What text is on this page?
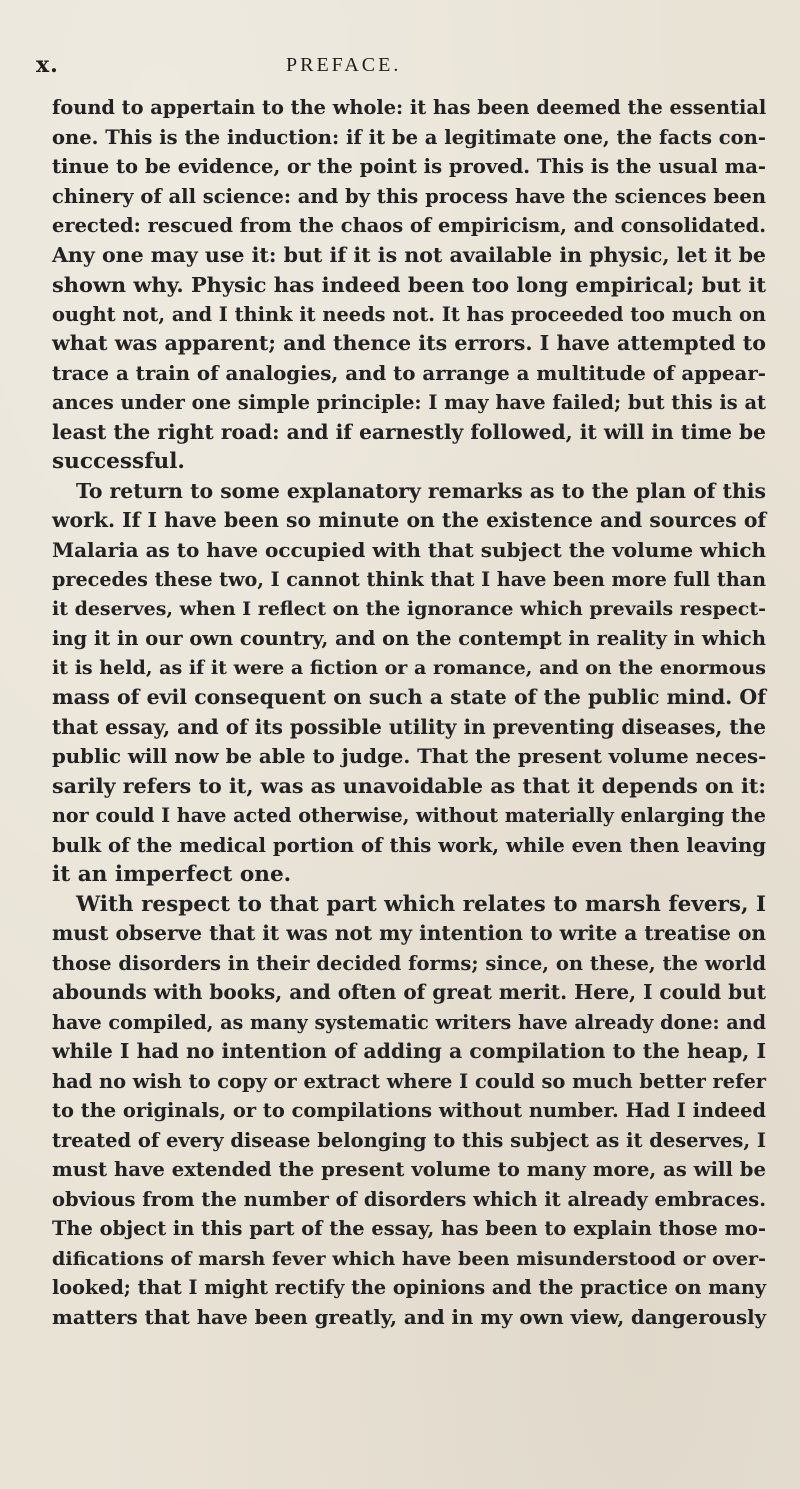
x.	PREFACE.
found to appertain to the whole: it has been deemed the essential
one. This is the induction: if it be a legitimate one, the facts con-
tinue to be evidence, or the point is proved. This is the usual ma-
chinery of all science: and by this process have the sciences been
erected: rescued from the chaos of empiricism, and consolidated.
Any one may use it: but if it is not available in physic, let it be
shown why. Physic has indeed been too long empirical; but it
ought not, and I think it needs not. It has proceeded too much on
what was apparent; and thence its errors. I have attempted to
trace a train of analogies, and to arrange a multitude of appear-
ances under one simple principle: I may have failed; but this is at
least the right road: and if earnestly followed, it will in time be
successful.
To return to some explanatory remarks as to the plan of this
work. If I have been so minute on the existence and sources of
Malaria as to have occupied with that subject the volume which
precedes these two, I cannot think that I have been more full than
it deserves, when I reflect on the ignorance which prevails respect-
ing it in our own country, and on the contempt in reality in which
it is held, as if it were a fiction or a romance, and on the enormous
mass of evil consequent on such a state of the public mind. Of
that essay, and of its possible utility in preventing diseases, the
public will now be able to judge. That the present volume neces-
sarily refers to it, was as unavoidable as that it depends on it:
nor could I have acted otherwise, without materially enlarging the
bulk of the medical portion of this work, while even then leaving
it an imperfect one.
With respect to that part which relates to marsh fevers, I
must observe that it was not my intention to write a treatise on
those disorders in their decided forms; since, on these, the world
abounds with books, and often of great merit. Here, I could but
have compiled, as many systematic writers have already done: and
while I had no intention of adding a compilation to the heap, I
had no wish to copy or extract where I could so much better refer
to the originals, or to compilations without number. Had I indeed
treated of every disease belonging to this subject as it deserves, I
must have extended the present volume to many more, as will be
obvious from the number of disorders which it already embraces.
The object in this part of the essay, has been to explain those mo-
difications of marsh fever which have been misunderstood or over-
looked; that I might rectify the opinions and the practice on many
matters that have been greatly, and in my own view, dangerously
